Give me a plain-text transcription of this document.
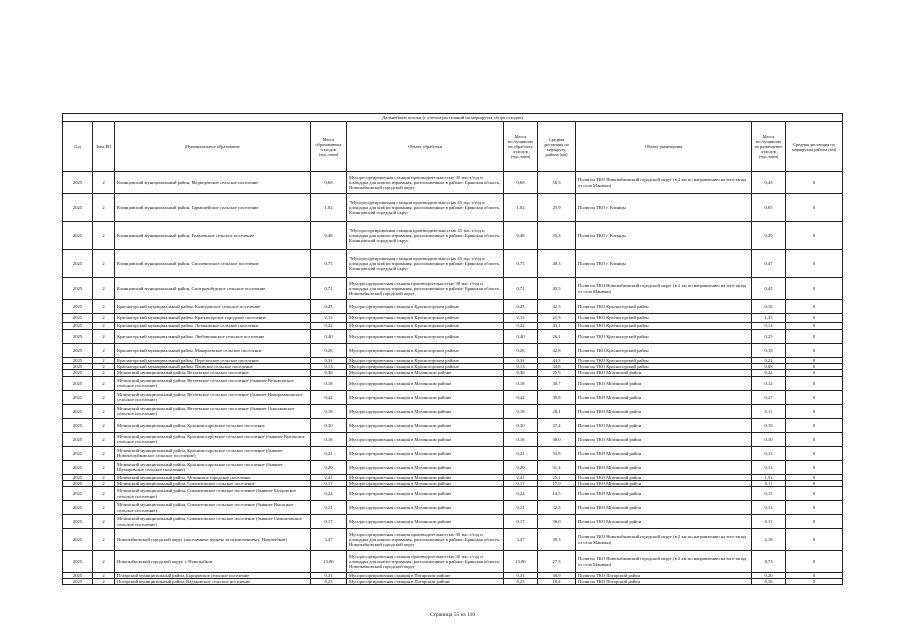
Дальнейшие потоки (с учетом расстояний на маршрутах сбора отходов)									
Год	Зона РО	Муниципальное образование	Масса образованных отходов (тыс.тонн)	Объект обработки	Масса поступивших на обработку отходов (тыс.тонн)	Средняя дистанция по маршруту, района (км)	Объект размещения	Масса поступивших на размещение отходов (тыс.тонн)	Средняя дистанция по маршрутам района (км)
2025	2	Клинцовский муниципальный район, Медведевское сельское поселение	0,68	Мусоросортировочная станция производительностью 30 тыс.т/год и площадка для компостирования, расположенные в районе: Брянская область, Новозыбковский городской округ	0,68	56,3	Полигон ТКО Новозыбковский городской округ (в 2 км по направлению на юго-запад от села Манюки)	0,43	0
2025	2	Клинцовский муниципальный район, Гармонейское сельское поселение	1,02	"Мусоросортировочная станция производительностью 45 тыс.т/год и площадка для компостирования, расположенные в районе: Брянская область, Клинцовский городской округ	1,02	25,9	Полигон ТКО г. Клинцы	0,65	0
2025	2	Клинцовский муниципальный район, Рожновское сельское поселение	0,46	"Мусоросортировочная станция производительностью 45 тыс.т/год и площадка для компостирования, расположенные в районе: Брянская область, Клинцовский городской округ	0,46	35,3	Полигон ТКО г. Клинцы	0,29	0
2025	2	Клинцовский муниципальный район, Смолевичское сельское поселение	0,75	"Мусоросортировочная станция производительностью 45 тыс.т/год и площадка для компостирования, расположенные в районе: Брянская область, Клинцовский городской округ	0,75	40,3	Полигон ТКО г. Клинцы	0,47	0
2025	2	Клинцовский муниципальный район, Смотровобудское сельское поселение	0,71	Мусоросортировочная станция производительностью 30 тыс.т/год и площадка для компостирования, расположенные в районе: Брянская область, Новозыбковский городской округ	0,71	49,5	Полигон ТКО Новозыбковский городской округ (в 2 км по направлению на юго-запад от села Манюки)	0,45	0
2025	2	Красногорский муниципальный район, Колюдовское сельское поселение	0,25	Мусоросортировочная станция в Красногорском районе	0,25	42,5	Полигон ТКО Красногорский район	0,16	0
2025	2	Красногорский муниципальный район, Красногорское городское поселение	2,15	Мусоросортировочная станция в Красногорском районе	2,15	21,3	Полигон ТКО Красногорский район	1,35	0
2025	2	Красногорский муниципальный район, Лотаковское сельское поселение	0,22	Мусоросортировочная станция в Красногорском районе	0,22	43,1	Полигон ТКО Красногорский район	0,14	0
2025	2	Красногорский муниципальный район, Любовшанское сельское поселение	0,40	Мусоросортировочная станция в Красногорском районе	0,40	26,1	Полигон ТКО Красногорский район	0,25	0
2025	2	Красногорский муниципальный район, Макарьевское сельское поселение	0,26	Мусоросортировочная станция в Красногорском районе	0,26	42,8	Полигон ТКО Красногорский район	0,16	0
2025	2	Красногорский муниципальный район, Перелазское сельское поселение	0,34	Мусоросортировочная станция в Красногорском районе	0,34	44,3	Полигон ТКО Красногорский район	0,21	0
2025	2	Красногорский муниципальный район, Яловское сельское поселение	0,13	Мусоросортировочная станция в Красногорском районе	0,13	34,8	Полигон ТКО Красногорский район	0,08	0
2025	2	Мглинский муниципальный район, Ветлевское сельское поселение	0,36	Мусоросортировочная станция в Мглинском районе	0,36	25,9	Полигон ТКО Мглинский район	0,22	0
2025	2	Мглинский муниципальный район, Ветлевское сельское поселение (бывшее Вельжичское сельское поселение)	0,18	Мусоросортировочная станция в Мглинском районе	0,18	30,7	Полигон ТКО Мглинский район	0,12	0
2025	2	Мглинский муниципальный район, Ветлевское сельское поселение (бывшее Новоромановское сельское поселение)	0,42	Мусоросортировочная станция в Мглинском районе	0,42	39,8	Полигон ТКО Мглинский район	0,27	0
2025	2	Мглинский муниципальный район, Ветлевское сельское поселение (бывшее Осколковское сельское поселение)	0,18	Мусоросортировочная станция в Мглинском районе	0,18	28,1	Полигон ТКО Мглинский район	0,11	0
2025	2	Мглинский муниципальный район, Краснокосаровское сельское поселение	0,30	Мусоросортировочная станция в Мглинском районе	0,30	37,4	Полигон ТКО Мглинский район	0,19	0
2025	2	Мглинский муниципальный район, Краснокосаровское сельское поселение (бывшее Высокское сельское поселение)	0,16	Мусоросортировочная станция в Мглинском районе	0,16	38,0	Полигон ТКО Мглинский район	0,10	0
2025	2	Мглинский муниципальный район, Краснокосаровское сельское поселение (бывшее Новочешуйковское сельское поселение)	0,21	Мусоросортировочная станция в Мглинском районе	0,21	33,8	Полигон ТКО Мглинский район	0,13	0
2025	2	Мглинский муниципальный район, Краснокосаровское сельское поселение (бывшее Шумаровское сельское поселение)	0,20	Мусоросортировочная станция в Мглинском районе	0,20	31,4	Полигон ТКО Мглинский район	0,13	0
2025	2	Мглинский муниципальный район, Мглинское городское поселение	2,41	Мусоросортировочная станция в Мглинском районе	2,41	25,1	Полигон ТКО Мглинский район	1,52	0
2025	2	Мглинский муниципальный район, Симонтовское сельское поселение	0,17	Мусоросортировочная станция в Мглинском районе	0,17	17,0	Полигон ТКО Мглинский район	0,11	0
2025	2	Мглинский муниципальный район, Симонтовское сельское поселение (бывшее Балдовское сельское поселение)	0,24	Мусоросортировочная станция в Мглинском районе	0,24	14,5	Полигон ТКО Мглинский район	0,15	0
2025	2	Мглинский муниципальный район, Симонтовское сельское поселение (бывшее Высоцкое сельское поселение)	0,21	Мусоросортировочная станция в Мглинском районе	0,21	32,3	Полигон ТКО Мглинский район	0,13	0
2025	2	Мглинский муниципальный район, Симонтовское сельское поселение (бывшее Симонтовское сельское поселение)	0,17	Мусоросортировочная станция в Мглинском районе	0,17	36,0	Полигон ТКО Мглинский район	0,11	0
2025	2	Новозыбковский городской округ (населенные пункты за исключением г. Новозыбков)	3,47	Мусоросортировочная станция производительностью 30 тыс.т/год и площадка для компостирования, расположенные в районе: Брянская область, Новозыбковский городской округ	3,47	39,3	Полигон ТКО Новозыбковский городской округ (в 2 км по направлению на юго-запад от села Манюки)	2,18	0
2025	2	Новозыбковский городской округ, г. Новозыбков	13,86	Мусоросортировочная станция производительностью 30 тыс.т/год и площадка для компостирования, расположенные в районе: Брянская область, Новозыбковский городской округ	13,86	27,3	Полигон ТКО Новозыбковский городской округ (в 2 км по направлению на юго-запад от села Манюки)	8,73	0
2025	2	Погарский муниципальный район, Борщовское сельское поселение	0,31	Мусоросортировочная станция в Погарском районе	0,31	38,9	Полигон ТКО Погарский район	0,20	0
2025	2	Погарский муниципальный район, Вадьковское сельское поселение	0,25	Мусоросортировочная станция в Погарском районе	0,25	18,4	Полигон ТКО Погарский район	0,16	0
Страница 55 из 110
